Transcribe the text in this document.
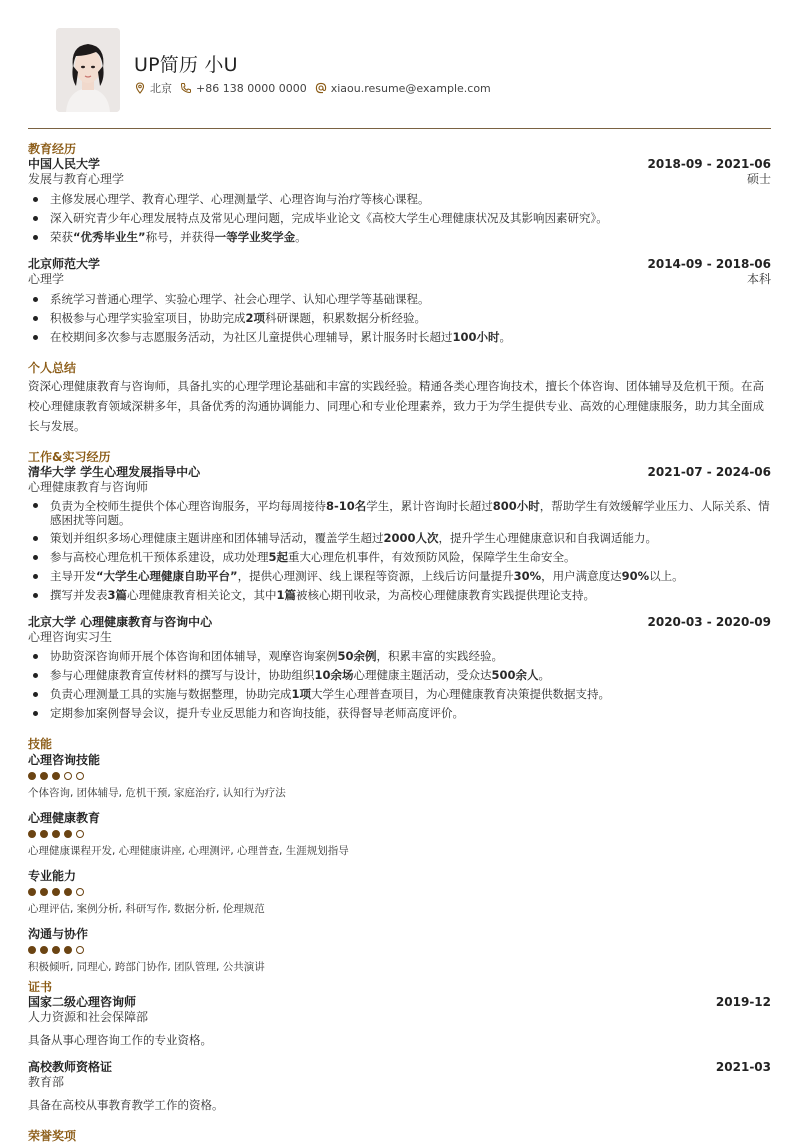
UP简历 小U
北京 +86 138 0000 0000 xiaou.resume@example.com
教育经历
中国人民大学	2018-09 - 2021-06
发展与教育心理学	硕士
主修发展心理学、教育心理学、心理测量学、心理咨询与治疗等核心课程。
深入研究青少年心理发展特点及常见心理问题，完成毕业论文《高校大学生心理健康状况及其影响因素研究》。
荣获“优秀毕业生”称号，并获得一等学业奖学金。
北京师范大学	2014-09 - 2018-06
心理学	本科
系统学习普通心理学、实验心理学、社会心理学、认知心理学等基础课程。
积极参与心理学实验室项目，协助完成2项科研课题，积累数据分析经验。
在校期间多次参与志愿服务活动，为社区儿童提供心理辅导，累计服务时长超过100小时。
个人总结
资深心理健康教育与咨询师，具备扎实的心理学理论基础和丰富的实践经验。精通各类心理咨询技术，擅长个体咨询、团体辅导及危机干预。在高校心理健康教育领域深耕多年，具备优秀的沟通协调能力、同理心和专业伦理素养，致力于为学生提供专业、高效的心理健康服务，助力其全面成长与发展。
工作&实习经历
清华大学 学生心理发展指导中心	2021-07 - 2024-06
心理健康教育与咨询师
负责为全校师生提供个体心理咨询服务，平均每周接待8-10名学生，累计咨询时长超过800小时，帮助学生有效缓解学业压力、人际关系、情感困扰等问题。
策划并组织多场心理健康主题讲座和团体辅导活动，覆盖学生超过2000人次，提升学生心理健康意识和自我调适能力。
参与高校心理危机干预体系建设，成功处理5起重大心理危机事件，有效预防风险，保障学生生命安全。
主导开发“大学生心理健康自助平台”，提供心理测评、线上课程等资源，上线后访问量提升30%，用户满意度达90%以上。
撰写并发表3篇心理健康教育相关论文，其中1篇被核心期刊收录，为高校心理健康教育实践提供理论支持。
北京大学 心理健康教育与咨询中心	2020-03 - 2020-09
心理咨询实习生
协助资深咨询师开展个体咨询和团体辅导，观摩咨询案例50余例，积累丰富的实践经验。
参与心理健康教育宣传材料的撰写与设计，协助组织10余场心理健康主题活动，受众达500余人。
负责心理测量工具的实施与数据整理，协助完成1项大学生心理普查项目，为心理健康教育决策提供数据支持。
定期参加案例督导会议，提升专业反思能力和咨询技能，获得督导老师高度评价。
技能
心理咨询技能
个体咨询, 团体辅导, 危机干预, 家庭治疗, 认知行为疗法
心理健康教育
心理健康课程开发, 心理健康讲座, 心理测评, 心理普查, 生涯规划指导
专业能力
心理评估, 案例分析, 科研写作, 数据分析, 伦理规范
沟通与协作
积极倾听, 同理心, 跨部门协作, 团队管理, 公共演讲
证书
国家二级心理咨询师	2019-12
人力资源和社会保障部
具备从事心理咨询工作的专业资格。
高校教师资格证	2021-03
教育部
具备在高校从事教育教学工作的资格。
荣誉奖项
